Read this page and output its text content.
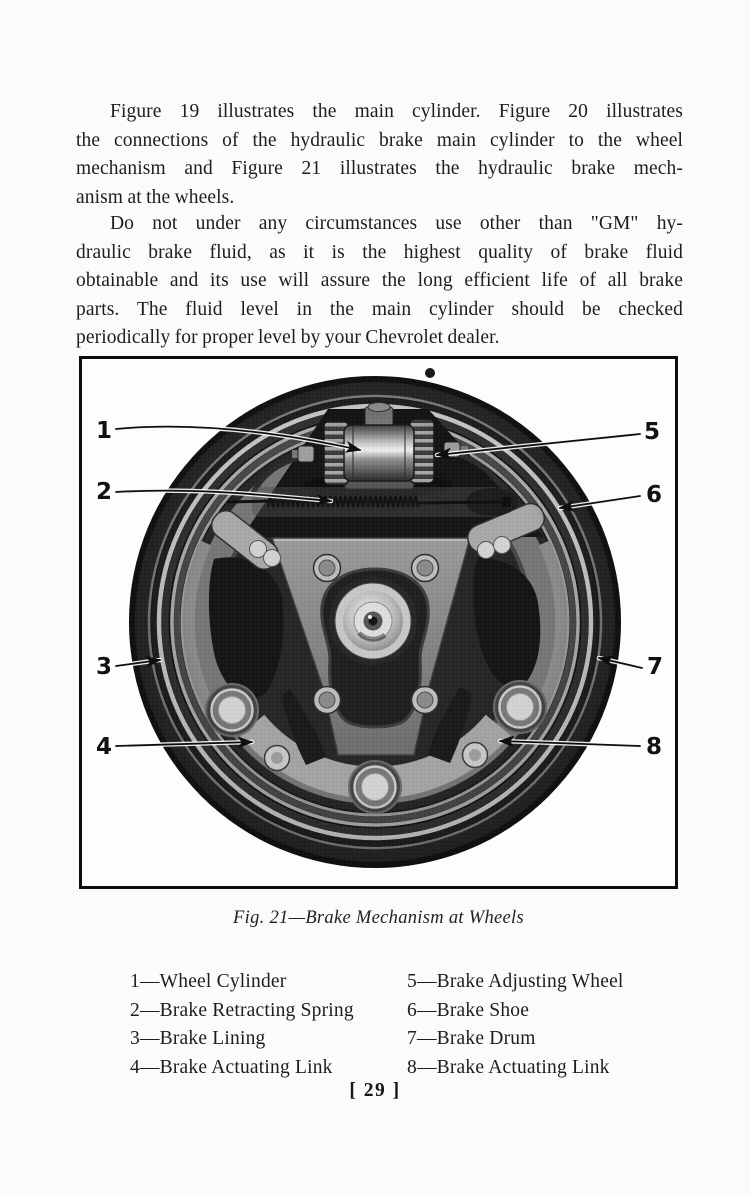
Figure 19 illustrates the main cylinder. Figure 20 illustrates
the connections of the hydraulic brake main cylinder to the wheel
mechanism and Figure 21 illustrates the hydraulic brake mech-
anism at the wheels.
Do not under any circumstances use other than "GM" hy-
draulic brake fluid, as it is the highest quality of brake fluid
obtainable and its use will assure the long efficient life of all brake
parts. The fluid level in the main cylinder should be checked
periodically for proper level by your Chevrolet dealer.
1
2
3
4
5
6
7
8
Fig. 21—Brake Mechanism at Wheels
1—Wheel Cylinder
2—Brake Retracting Spring
3—Brake Lining
4—Brake Actuating Link
5—Brake Adjusting Wheel
6—Brake Shoe
7—Brake Drum
8—Brake Actuating Link
[ 29 ]
